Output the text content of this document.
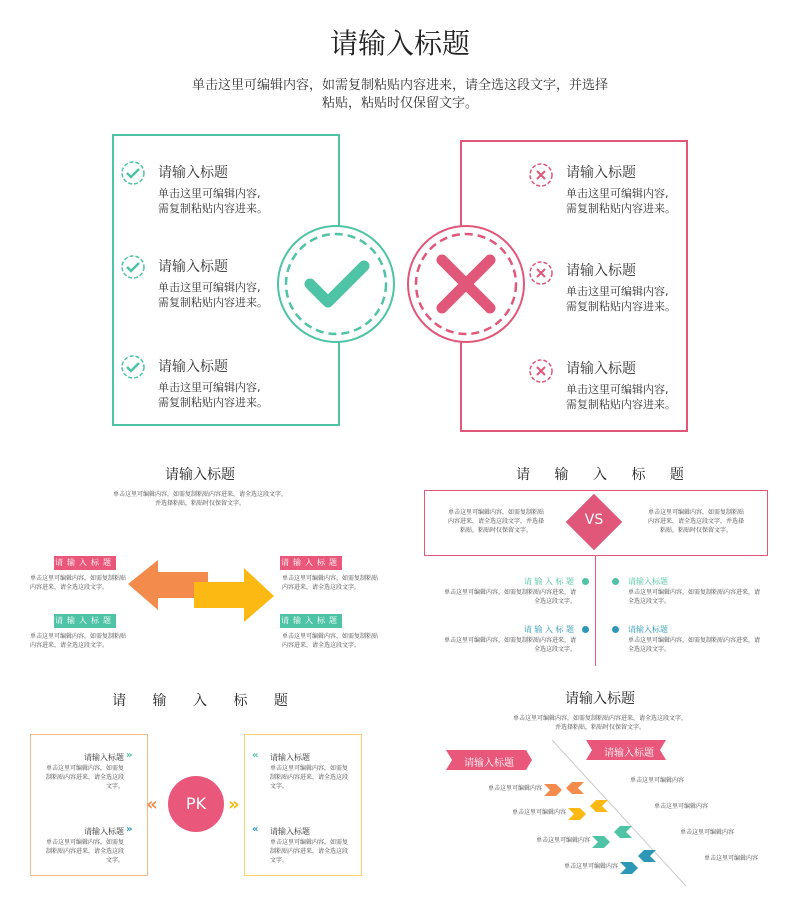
请输入标题
单击这里可编辑内容，如需复制粘贴内容进来，请全选这段文字，并选择
粘贴，粘贴时仅保留文字。
请输入标题
单击这里可编辑内容,
需复制粘贴内容进来。
请输入标题
单击这里可编辑内容,
需复制粘贴内容进来。
请输入标题
单击这里可编辑内容,
需复制粘贴内容进来。
请输入标题
单击这里可编辑内容,
需复制粘贴内容进来。
请输入标题
单击这里可编辑内容,
需复制粘贴内容进来。
请输入标题
单击这里可编辑内容,
需复制粘贴内容进来。
请输入标题
单击这里可编辑内容，如需复制粘贴内容进来，请全选这段文字，
并选择粘贴，粘贴时仅保留文字。
请输入标题
单击这里可编辑内容，如需复制粘贴
内容进来，请全选这段文字。
请输入标题
单击这里可编辑内容，如需复制粘贴
内容进来，请全选这段文字。
请输入标题
单击这里可编辑内容，如需复制粘贴
内容进来，请全选这段文字。
请输入标题
单击这里可编辑内容，如需复制粘贴
内容进来，请全选这段文字。
请 输 入 标 题
单击这里可编辑内容，如需复制粘贴
内容进来，请全选这段文字，并选择
粘贴，粘贴时仅保留文字。
单击这里可编辑内容，如需复制粘贴
内容进来，请全选这段文字，并选择
粘贴，粘贴时仅保留文字。
VS
请 输 入 标 题
单击这里可编辑内容，如需复制粘贴内容进来，请
全选这段文字。
请输入标题
单击这里可编辑内容，如需复制粘贴内容进来，请
全选这段文字。
请 输 入 标 题
单击这里可编辑内容，如需复制粘贴内容进来，请
全选这段文字。
请输入标题
单击这里可编辑内容，如需复制粘贴内容进来，请
全选这段文字。
请 输 入 标 题
PK
«	»
请输入标题 »
单击这里可编辑内容，如需复
制粘贴内容进来，请全选这段
文字。
请输入标题 »
单击这里可编辑内容，如需复
制粘贴内容进来，请全选这段
文字。
« 请输入标题
单击这里可编辑内容，如需复
制粘贴内容进来，请全选这段
文字。
« 请输入标题
单击这里可编辑内容，如需复
制粘贴内容进来，请全选这段
文字。
请输入标题
单击这里可编辑内容，如需复制粘贴内容进来，请全选这段文字，
并选择粘贴，粘贴时仅保留文字。
请输入标题
请输入标题
单击这里可编辑内容
单击这里可编辑内容
单击这里可编辑内容
单击这里可编辑内容
单击这里可编辑内容
单击这里可编辑内容
单击这里可编辑内容
单击这里可编辑内容
